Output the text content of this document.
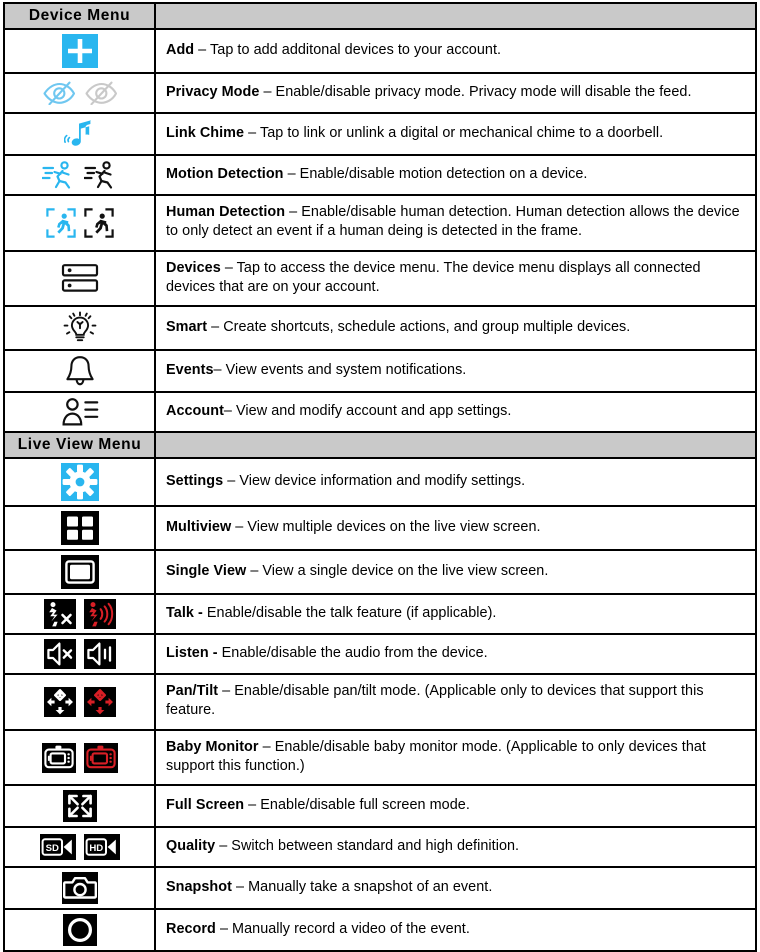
Device Menu	

	Add – Tap to add additonal devices to your account.

	Privacy Mode – Enable/disable privacy mode. Privacy mode will disable the feed.

	Link Chime – Tap to link or unlink a digital or mechanical chime to a doorbell.

	Motion Detection – Enable/disable motion detection on a device.

	Human Detection – Enable/disable human detection. Human detection allows the device to only detect an event if a human deing is detected in the frame.

	Devices – Tap to access the device menu. The device menu displays all connected devices that are on your account.

	Smart – Create shortcuts, schedule actions, and group multiple devices.

	Events– View events and system notifications.

	Account– View and modify account and app settings.
Live View Menu	

	Settings – View device information and modify settings.

	Multiview – View multiple devices on the live view screen.

	Single View – View a single device on the live view screen.

	Talk - Enable/disable the talk feature (if applicable).

	Listen - Enable/disable the audio from the device.

	Pan/Tilt – Enable/disable pan/tilt mode. (Applicable only to devices that support this feature.

	Baby Monitor – Enable/disable baby monitor mode. (Applicable to only devices that support this function.)

	Full Screen – Enable/disable full screen mode.

SD HD	Quality – Switch between standard and high definition.

	Snapshot – Manually take a snapshot of an event.

	Record – Manually record a video of the event.
